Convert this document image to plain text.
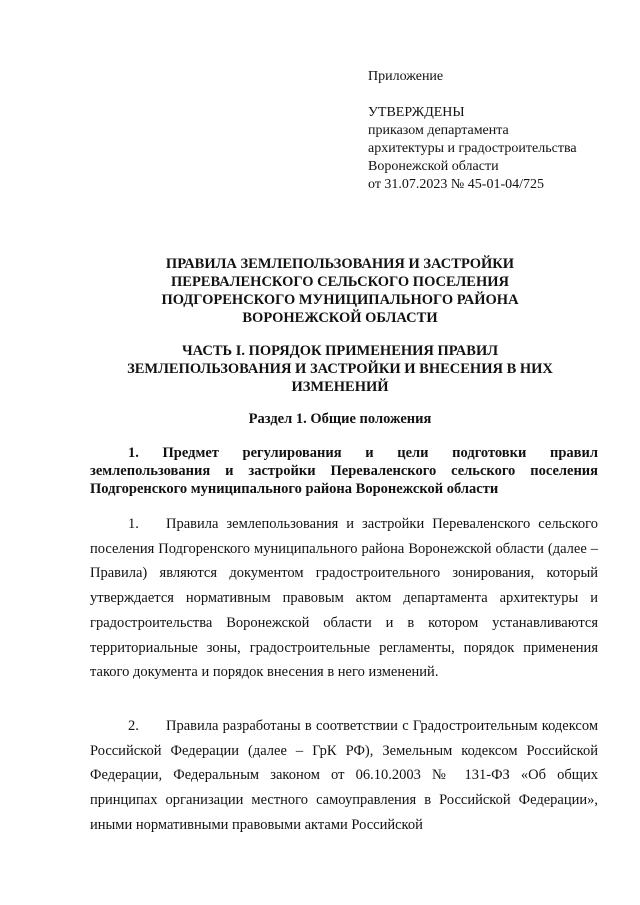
Приложение

УТВЕРЖДЕНЫ

приказом департамента

архитектуры и градостроительства

Воронежской области

от 31.07.2023 № 45-01-04/725

ПРАВИЛА ЗЕМЛЕПОЛЬЗОВАНИЯ И ЗАСТРОЙКИ
ПЕРЕВАЛЕНСКОГО СЕЛЬСКОГО ПОСЕЛЕНИЯ
ПОДГОРЕНСКОГО МУНИЦИПАЛЬНОГО РАЙОНА
ВОРОНЕЖСКОЙ ОБЛАСТИ
ЧАСТЬ I. ПОРЯДОК ПРИМЕНЕНИЯ ПРАВИЛ
ЗЕМЛЕПОЛЬЗОВАНИЯ И ЗАСТРОЙКИ И ВНЕСЕНИЯ В НИХ
ИЗМЕНЕНИЙ
Раздел 1. Общие положения
1. Предмет регулирования и цели подготовки правил землепользования и застройки Переваленского сельского поселения Подгоренского муниципального района Воронежской области
1. Правила землепользования и застройки Переваленского сельского поселения Подгоренского муниципального района Воронежской области (далее – Правила) являются документом градостроительного зонирования, который утверждается нормативным правовым актом департамента архитектуры и градостроительства Воронежской области и в котором устанавливаются территориальные зоны, градостроительные регламенты, порядок применения такого документа и порядок внесения в него изменений.
2. Правила разработаны в соответствии с Градостроительным кодексом Российской Федерации (далее – ГрК РФ), Земельным кодексом Российской Федерации, Федеральным законом от 06.10.2003 № 131-ФЗ «Об общих принципах организации местного самоуправления в Российской Федерации», иными нормативными правовыми актами Российской
